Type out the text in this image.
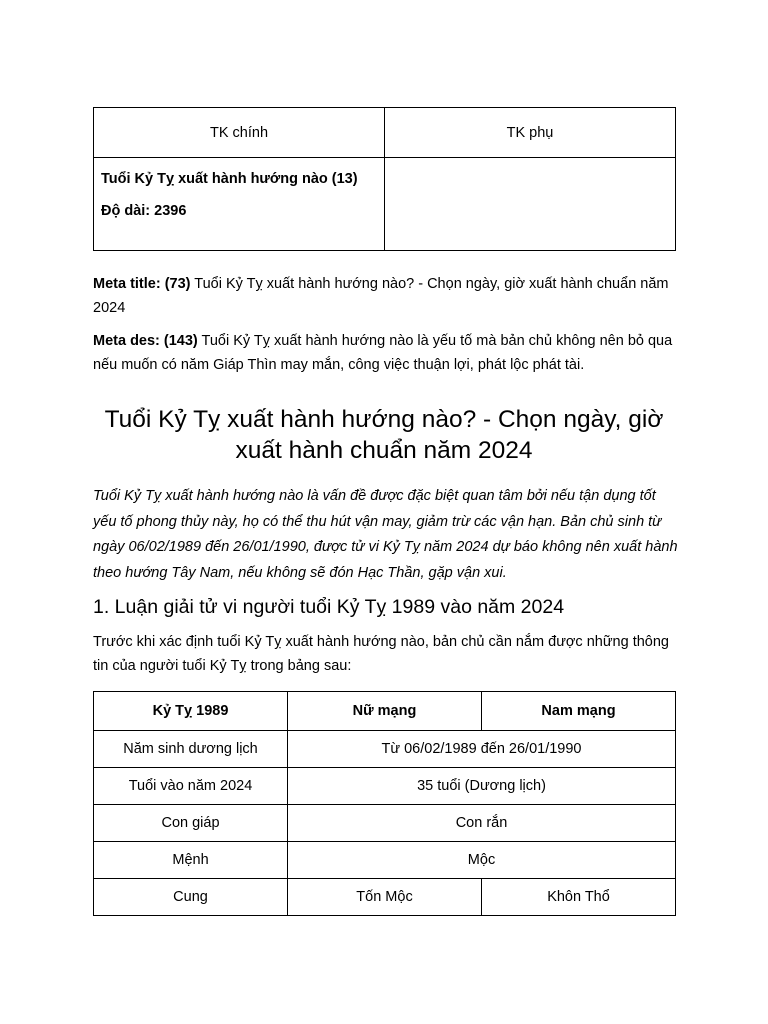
TK chính	TK phụ

Tuổi Kỷ Tỵ xuất hành hướng nào (13)
Độ dài: 2396	

Meta title: (73) Tuổi Kỷ Tỵ xuất hành hướng nào? - Chọn ngày, giờ xuất hành chuẩn năm 2024
Meta des: (143) Tuổi Kỷ Tỵ xuất hành hướng nào là yếu tố mà bản chủ không nên bỏ qua nếu muốn có năm Giáp Thìn may mắn, công việc thuận lợi, phát lộc phát tài.
Tuổi Kỷ Tỵ xuất hành hướng nào? - Chọn ngày, giờ xuất hành chuẩn năm 2024
Tuổi Kỷ Tỵ xuất hành hướng nào là vấn đề được đặc biệt quan tâm bởi nếu tận dụng tốt yếu tố phong thủy này, họ có thể thu hút vận may, giảm trừ các vận hạn. Bản chủ sinh từ ngày 06/02/1989 đến 26/01/1990, được tử vi Kỷ Tỵ năm 2024 dự báo không nên xuất hành theo hướng Tây Nam, nếu không sẽ đón Hạc Thần, gặp vận xui.
1. Luận giải tử vi người tuổi Kỷ Tỵ 1989 vào năm 2024
Trước khi xác định tuổi Kỷ Tỵ xuất hành hướng nào, bản chủ cần nắm được những thông tin của người tuổi Kỷ Tỵ trong bảng sau:
Kỷ Tỵ 1989	Nữ mạng	Nam mạng
Năm sinh dương lịch	Từ 06/02/1989 đến 26/01/1990	
Tuổi vào năm 2024	35 tuổi (Dương lịch)	
Con giáp	Con rắn	
Mệnh	Mộc	
Cung	Tốn Mộc	Khôn Thổ
